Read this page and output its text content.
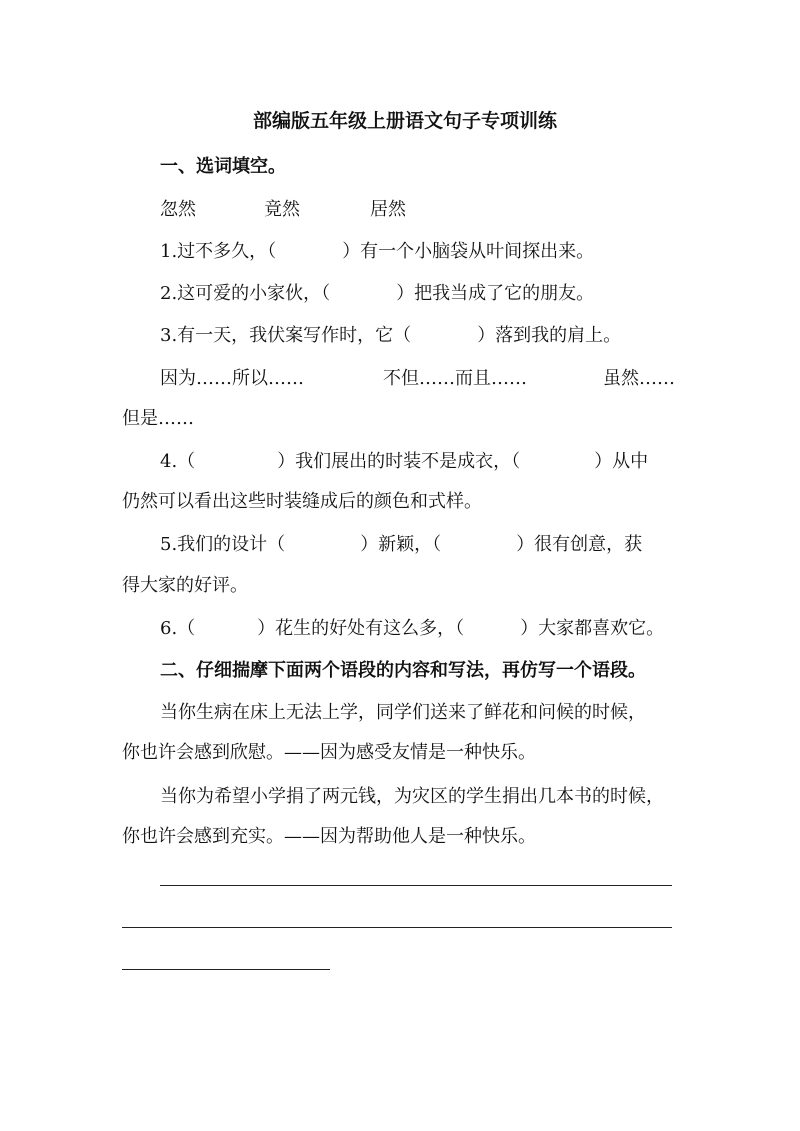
部编版五年级上册语文句子专项训练
一、选词填空。
忽然	竟然	居然
1.过不多久，（	）有一个小脑袋从叶间探出来。
2.这可爱的小家伙，（	）把我当成了它的朋友。
3.有一天，我伏案写作时，它（	）落到我的肩上。
因为……所以……	不但……而且……	虽然……
但是……
4.（	）我们展出的时装不是成衣，（	）从中
仍然可以看出这些时装缝成后的颜色和式样。
5.我们的设计（	）新颖，（	）很有创意，获
得大家的好评。
6.（	）花生的好处有这么多，（	）大家都喜欢它。
二、仔细揣摩下面两个语段的内容和写法，再仿写一个语段。
当你生病在床上无法上学，同学们送来了鲜花和问候的时候，
你也许会感到欣慰。——因为感受友情是一种快乐。
当你为希望小学捐了两元钱，为灾区的学生捐出几本书的时候，
你也许会感到充实。——因为帮助他人是一种快乐。
